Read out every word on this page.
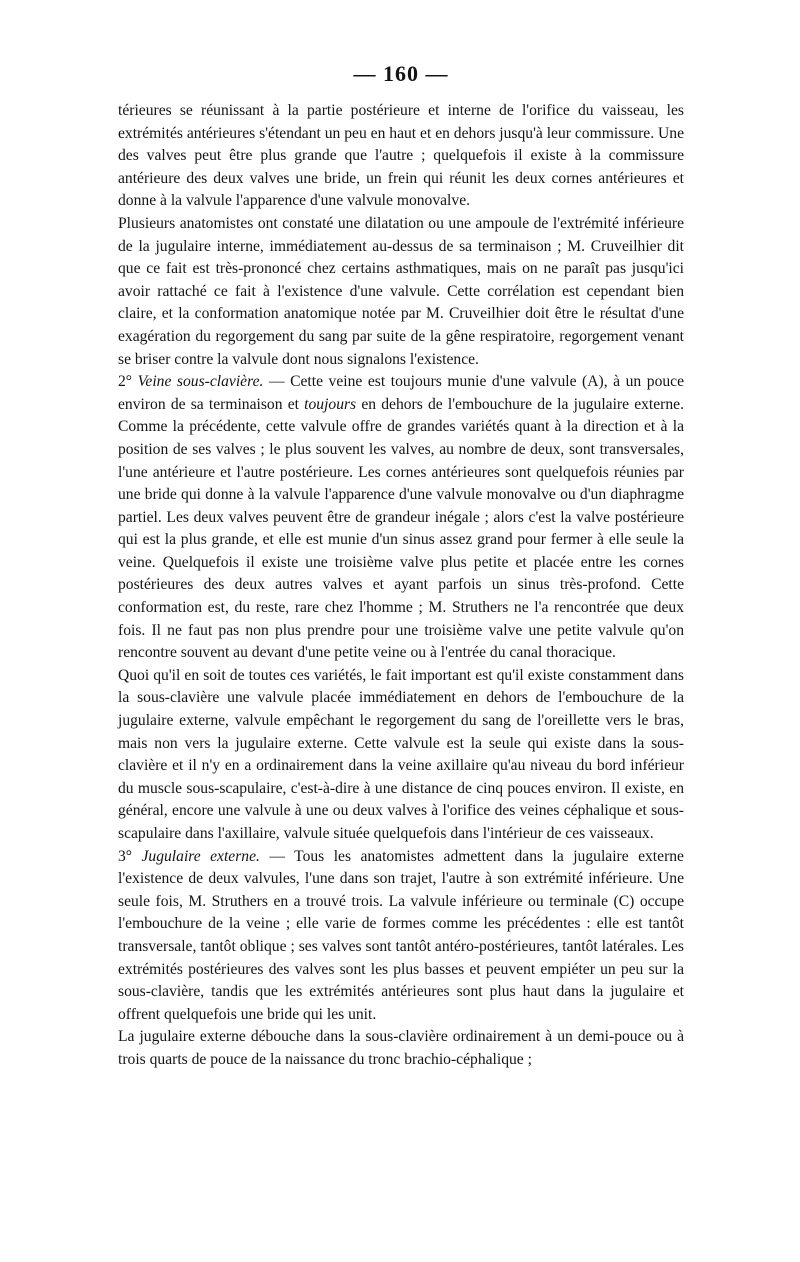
— 160 —

térieures se réunissant à la partie postérieure et interne de l'orifice du vaisseau, les extrémités antérieures s'étendant un peu en haut et en dehors jusqu'à leur commissure. Une des valves peut être plus grande que l'autre ; quelquefois il existe à la commissure antérieure des deux valves une bride, un frein qui réunit les deux cornes antérieures et donne à la valvule l'apparence d'une valvule monovalve.

Plusieurs anatomistes ont constaté une dilatation ou une ampoule de l'extrémité inférieure de la jugulaire interne, immédiatement au-dessus de sa terminaison ; M. Cruveilhier dit que ce fait est très-prononcé chez certains asthmatiques, mais on ne paraît pas jusqu'ici avoir rattaché ce fait à l'existence d'une valvule. Cette corrélation est cependant bien claire, et la conformation anatomique notée par M. Cruveilhier doit être le résultat d'une exagération du regorgement du sang par suite de la gêne respiratoire, regorgement venant se briser contre la valvule dont nous signalons l'existence.

2° Veine sous-clavière. — Cette veine est toujours munie d'une valvule (A), à un pouce environ de sa terminaison et toujours en dehors de l'embouchure de la jugulaire externe. Comme la précédente, cette valvule offre de grandes variétés quant à la direction et à la position de ses valves ; le plus souvent les valves, au nombre de deux, sont transversales, l'une antérieure et l'autre postérieure. Les cornes antérieures sont quelquefois réunies par une bride qui donne à la valvule l'apparence d'une valvule monovalve ou d'un diaphragme partiel. Les deux valves peuvent être de grandeur inégale ; alors c'est la valve postérieure qui est la plus grande, et elle est munie d'un sinus assez grand pour fermer à elle seule la veine. Quelquefois il existe une troisième valve plus petite et placée entre les cornes postérieures des deux autres valves et ayant parfois un sinus très-profond. Cette conformation est, du reste, rare chez l'homme ; M. Struthers ne l'a rencontrée que deux fois. Il ne faut pas non plus prendre pour une troisième valve une petite valvule qu'on rencontre souvent au devant d'une petite veine ou à l'entrée du canal thoracique.

Quoi qu'il en soit de toutes ces variétés, le fait important est qu'il existe constamment dans la sous-clavière une valvule placée immédiatement en dehors de l'embouchure de la jugulaire externe, valvule empêchant le regorgement du sang de l'oreillette vers le bras, mais non vers la jugulaire externe. Cette valvule est la seule qui existe dans la sous-clavière et il n'y en a ordinairement dans la veine axillaire qu'au niveau du bord inférieur du muscle sous-scapulaire, c'est-à-dire à une distance de cinq pouces environ. Il existe, en général, encore une valvule à une ou deux valves à l'orifice des veines céphalique et sous-scapulaire dans l'axillaire, valvule située quelquefois dans l'intérieur de ces vaisseaux.

3° Jugulaire externe. — Tous les anatomistes admettent dans la jugulaire externe l'existence de deux valvules, l'une dans son trajet, l'autre à son extrémité inférieure. Une seule fois, M. Struthers en a trouvé trois. La valvule inférieure ou terminale (C) occupe l'embouchure de la veine ; elle varie de formes comme les précédentes : elle est tantôt transversale, tantôt oblique ; ses valves sont tantôt antéro-postérieures, tantôt latérales. Les extrémités postérieures des valves sont les plus basses et peuvent empiéter un peu sur la sous-clavière, tandis que les extrémités antérieures sont plus haut dans la jugulaire et offrent quelquefois une bride qui les unit.

La jugulaire externe débouche dans la sous-clavière ordinairement à un demi-pouce ou à trois quarts de pouce de la naissance du tronc brachio-céphalique ;
